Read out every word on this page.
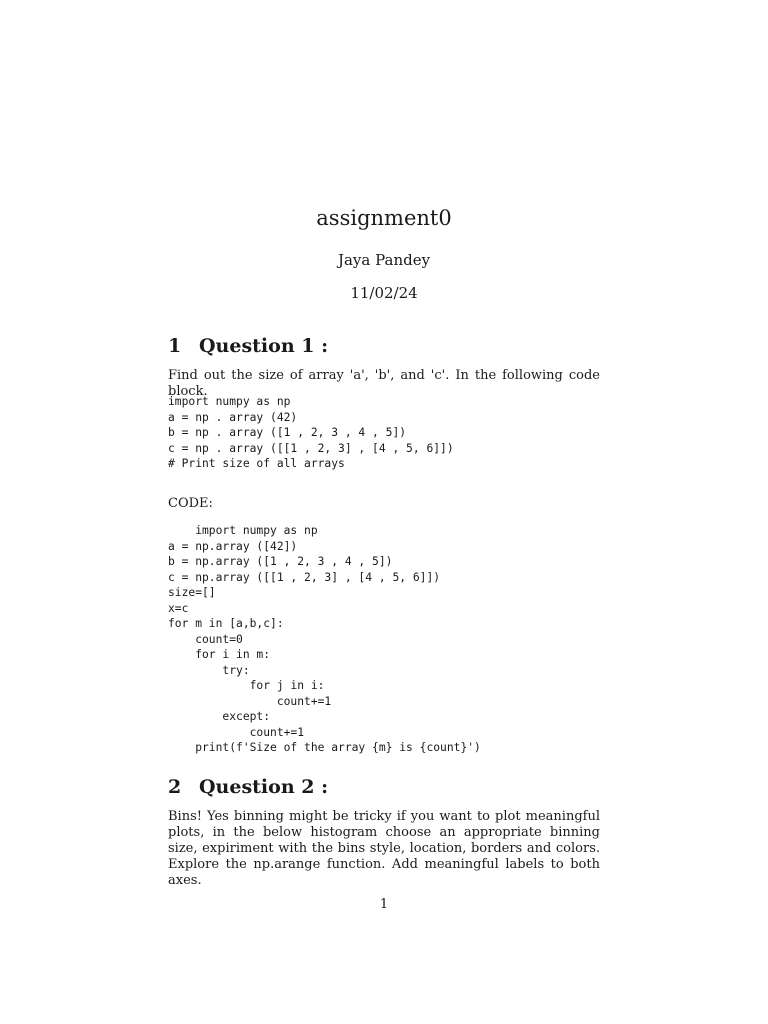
assignment0
Jaya Pandey
11/02/24
1 Question 1 :
Find out the size of array 'a', 'b', and 'c'. In the following code block.
import numpy as np
a = np . array (42)
b = np . array ([1 , 2, 3 , 4 , 5])
c = np . array ([[1 , 2, 3] , [4 , 5, 6]])
# Print size of all arrays
CODE:
import numpy as np
a = np.array ([42])
b = np.array ([1 , 2, 3 , 4 , 5])
c = np.array ([[1 , 2, 3] , [4 , 5, 6]])
size=[]
x=c
for m in [a,b,c]:
count=0
for i in m:
try:
for j in i:
count+=1
except:
count+=1
print(f'Size of the array {m} is {count}')
2 Question 2 :
Bins! Yes binning might be tricky if you want to plot meaningful plots, in the below histogram choose an appropriate binning size, expiriment with the bins style, location, borders and colors. Explore the np.arange function. Add meaningful labels to both axes.
1
